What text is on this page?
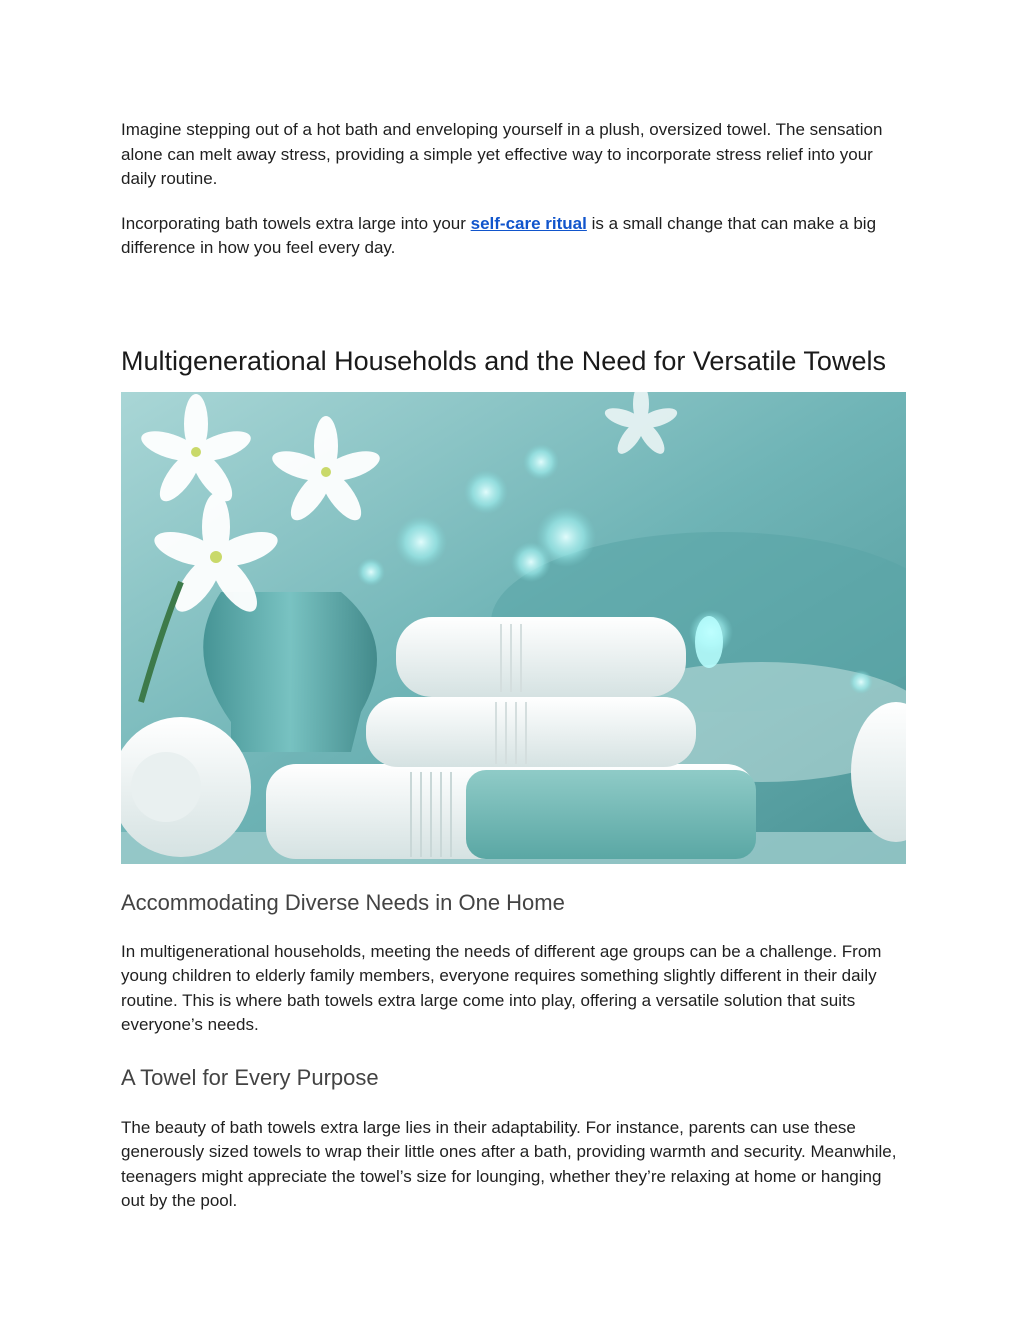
Imagine stepping out of a hot bath and enveloping yourself in a plush, oversized towel. The sensation alone can melt away stress, providing a simple yet effective way to incorporate stress relief into your daily routine.

Incorporating bath towels extra large into your self-care ritual is a small change that can make a big difference in how you feel every day.

Multigenerational Households and the Need for Versatile Towels
Accommodating Diverse Needs in One Home

In multigenerational households, meeting the needs of different age groups can be a challenge. From young children to elderly family members, everyone requires something slightly different in their daily routine. This is where bath towels extra large come into play, offering a versatile solution that suits everyone’s needs.

A Towel for Every Purpose

The beauty of bath towels extra large lies in their adaptability. For instance, parents can use these generously sized towels to wrap their little ones after a bath, providing warmth and security. Meanwhile, teenagers might appreciate the towel’s size for lounging, whether they’re relaxing at home or hanging out by the pool.
